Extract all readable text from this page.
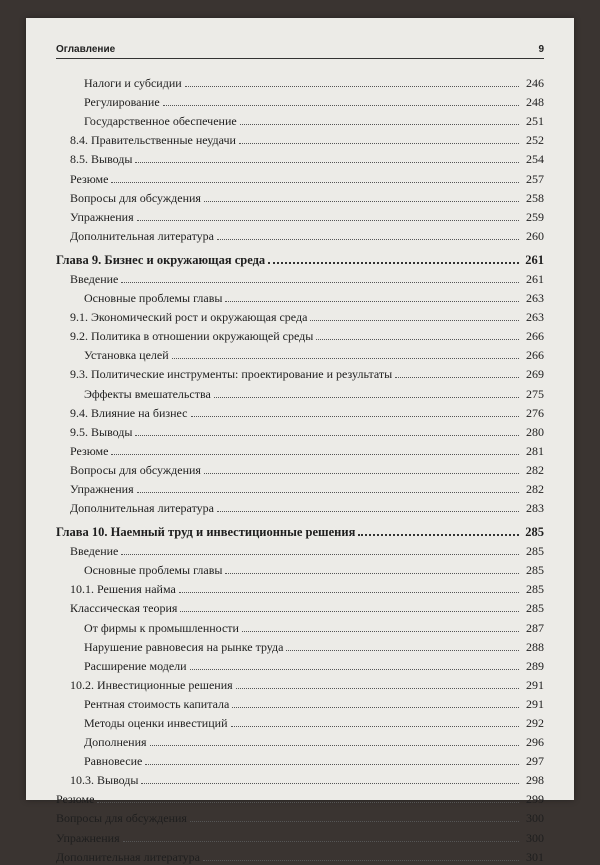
Оглавление	9
Налоги и субсидии	246
Регулирование	248
Государственное обеспечение	251
8.4. Правительственные неудачи	252
8.5. Выводы	254
Резюме	257
Вопросы для обсуждения	258
Упражнения	259
Дополнительная литература	260
Глава 9. Бизнес и окружающая среда	261
Введение	261
Основные проблемы главы	263
9.1. Экономический рост и окружающая среда	263
9.2. Политика в отношении окружающей среды	266
Установка целей	266
9.3. Политические инструменты: проектирование и результаты	269
Эффекты вмешательства	275
9.4. Влияние на бизнес	276
9.5. Выводы	280
Резюме	281
Вопросы для обсуждения	282
Упражнения	282
Дополнительная литература	283
Глава 10. Наемный труд и инвестиционные решения	285
Введение	285
Основные проблемы главы	285
10.1. Решения найма	285
Классическая теория	285
От фирмы к промышленности	287
Нарушение равновесия на рынке труда	288
Расширение модели	289
10.2. Инвестиционные решения	291
Рентная стоимость капитала	291
Методы оценки инвестиций	292
Дополнения	296
Равновесие	297
10.3. Выводы	298
Резюме	299
Вопросы для обсуждения	300
Упражнения	300
Дополнительная литература	301
